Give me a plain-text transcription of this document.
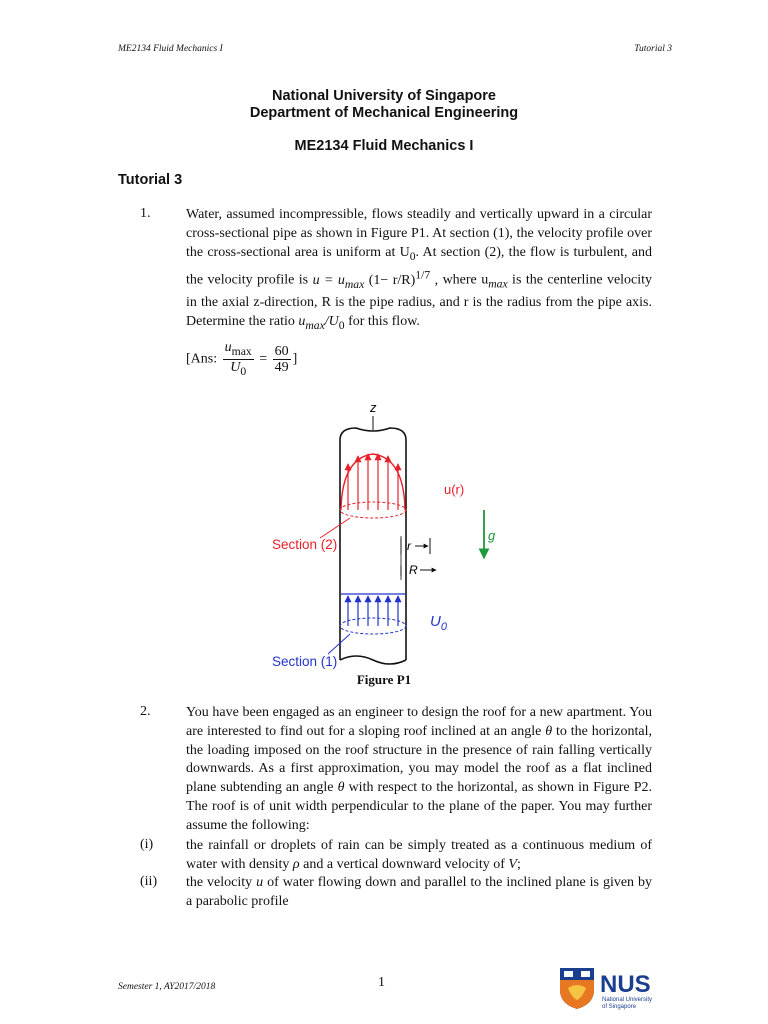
ME2134 Fluid Mechanics I	Tutorial 3
National University of Singapore
Department of Mechanical Engineering
ME2134 Fluid Mechanics I
Tutorial 3
1.	Water, assumed incompressible, flows steadily and vertically upward in a circular cross-sectional pipe as shown in Figure P1. At section (1), the velocity profile over the cross-sectional area is uniform at $U_0$. At section (2), the flow is turbulent, and the velocity profile is $u = u_{max}$ $(1- r/R)^{1/7}$ , where $u_{max}$ is the centerline velocity in the axial z-direction, R is the pipe radius, and r is the radius from the pipe axis. Determine the ratio $u_{max}/U_0$ for this flow.

[Ans: $\frac{u_{max}}{U_0} = \frac{60}{49}$ ]

z
u(r)
Section (2)	r
R
g
$U_0$
Section (1)
Figure P1
2.	You have been engaged as an engineer to design the roof for a new apartment. You are interested to find out for a sloping roof inclined at an angle θ to the horizontal, the loading imposed on the roof structure in the presence of rain falling vertically downwards. As a first approximation, you may model the roof as a flat inclined plane subtending an angle θ with respect to the horizontal, as shown in Figure P2. The roof is of unit width perpendicular to the plane of the paper. You may further assume the following:

(i) the rainfall or droplets of rain can be simply treated as a continuous medium of water with density ρ and a vertical downward velocity of V;

(ii) the velocity u of water flowing down and parallel to the inclined plane is given by a parabolic profile

Semester 1, AY2017/2018	1	NUS
National University
of Singapore
